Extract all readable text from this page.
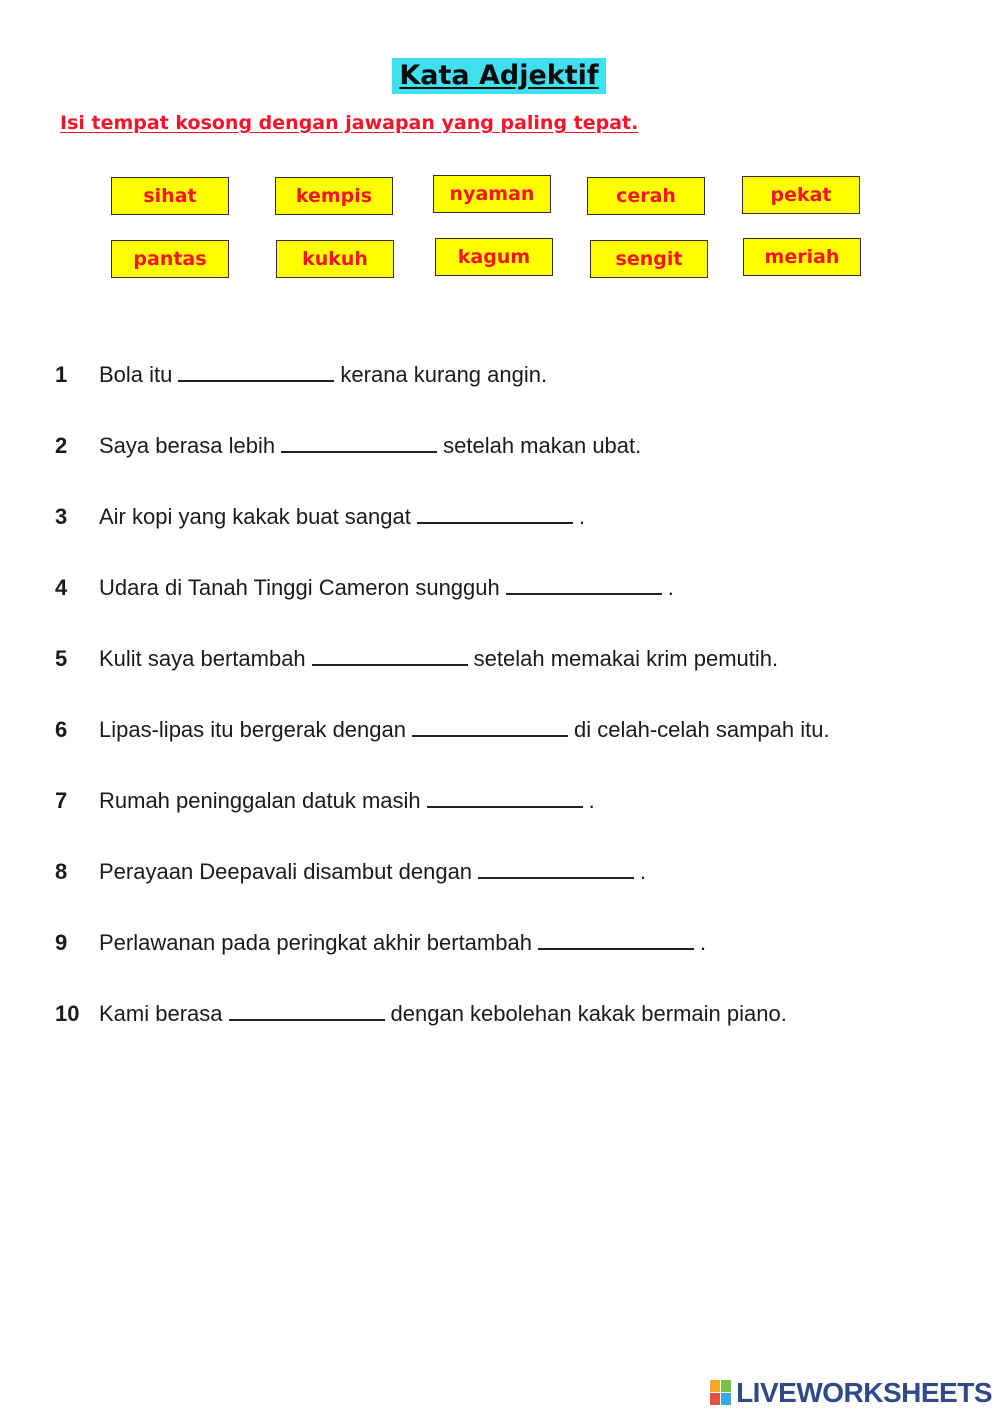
Kata Adjektif
Isi tempat kosong dengan jawapan yang paling tepat.
sihat	kempis	nyaman	cerah	pekat
pantas	kukuh	kagum	sengit	meriah
1 Bola itu	kerana kurang angin.
2 Saya berasa lebih	setelah makan ubat.
3 Air kopi yang kakak buat sangat	.
4 Udara di Tanah Tinggi Cameron sungguh	.
5 Kulit saya bertambah	setelah memakai krim pemutih.
6 Lipas-lipas itu bergerak dengan	di celah-celah sampah itu.
7 Rumah peninggalan datuk masih	.
8 Perayaan Deepavali disambut dengan	.
9 Perlawanan pada peringkat akhir bertambah	.
10 Kami berasa	dengan kebolehan kakak bermain piano.
LIVEWORKSHEETS
